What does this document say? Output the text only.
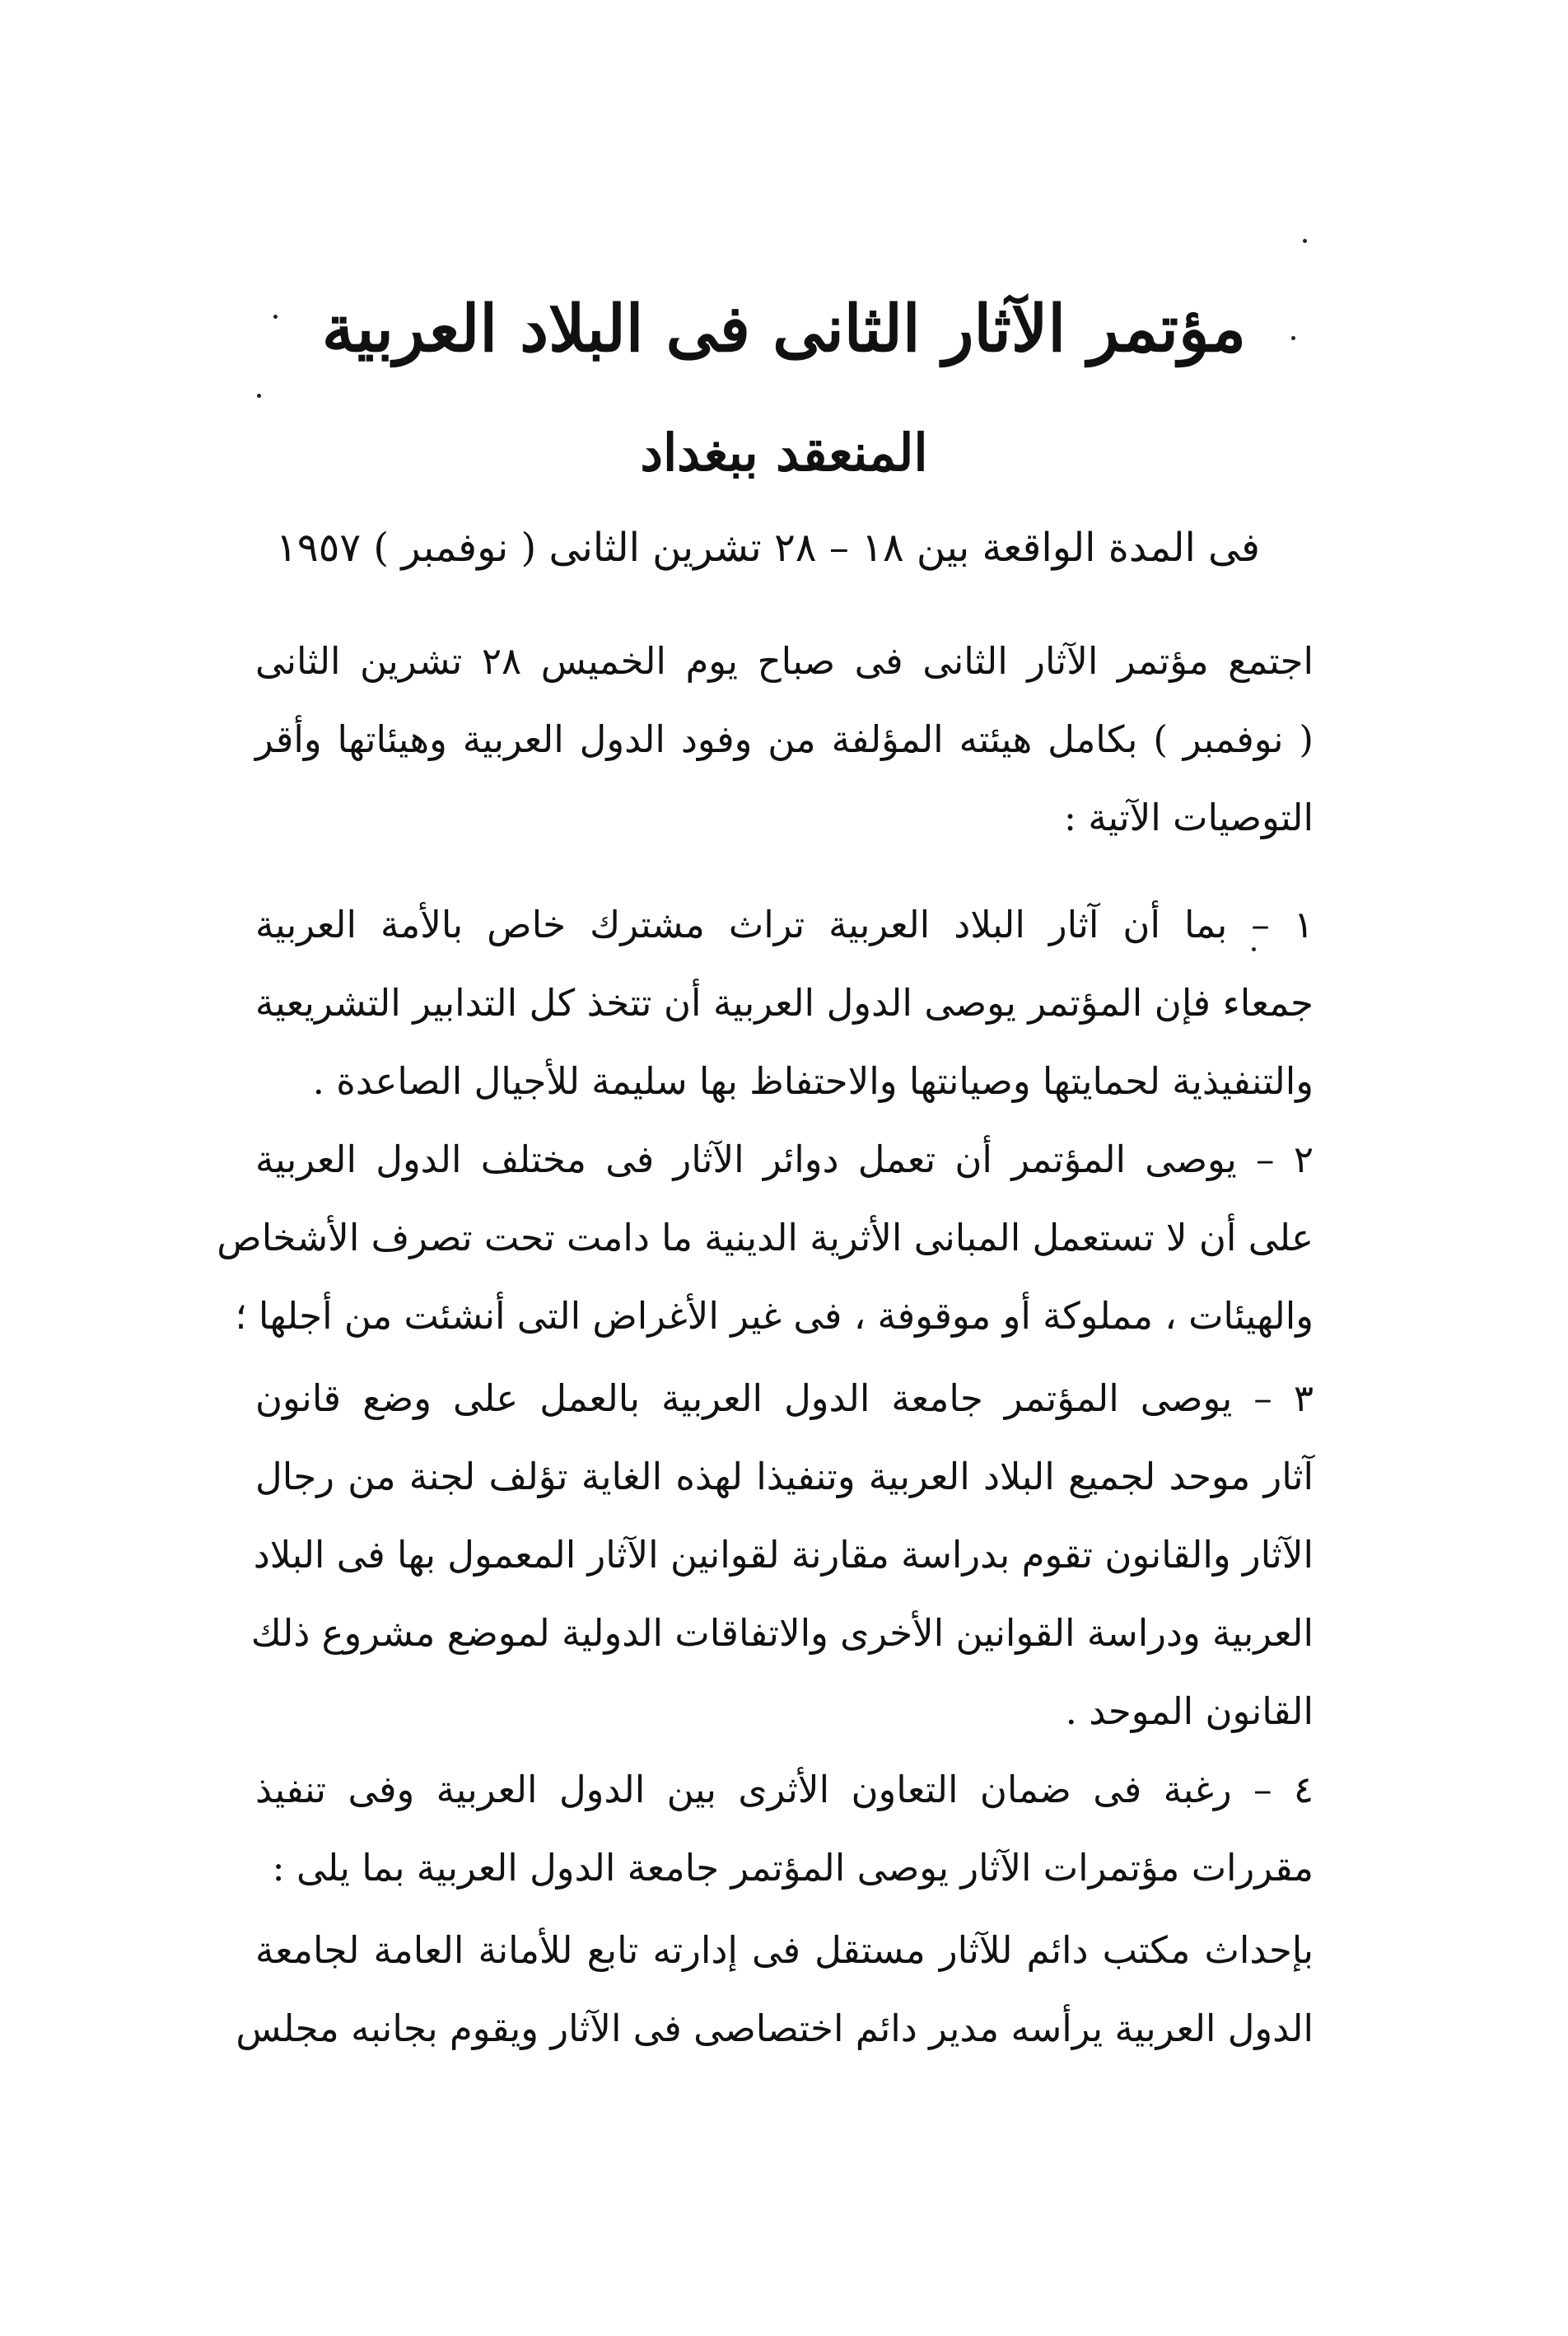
مؤتمر الآثار الثانى فى البلاد العربية
المنعقد ببغداد
فى المدة الواقعة بين ١٨ – ٢٨ تشرين الثانى ( نوفمبر ) ١٩٥٧
اجتمع مؤتمر الآثار الثانى فى صباح يوم الخميس ٢٨ تشرين الثانى
( نوفمبر ) بكامل هيئته المؤلفة من وفود الدول العربية وهيئاتها وأقر
التوصيات الآتية :
١ – بما أن آثار البلاد العربية تراث مشترك خاص بالأمة العربية
جمعاء فإن المؤتمر يوصى الدول العربية أن تتخذ كل التدابير التشريعية
والتنفيذية لحمايتها وصيانتها والاحتفاظ بها سليمة للأجيال الصاعدة .
٢ – يوصى المؤتمر أن تعمل دوائر الآثار فى مختلف الدول العربية
على أن لا تستعمل المبانى الأثرية الدينية ما دامت تحت تصرف الأشخاص
والهيئات ، مملوكة أو موقوفة ، فى غير الأغراض التى أنشئت من أجلها ؛
٣ – يوصى المؤتمر جامعة الدول العربية بالعمل على وضع قانون
آثار موحد لجميع البلاد العربية وتنفيذا لهذه الغاية تؤلف لجنة من رجال
الآثار والقانون تقوم بدراسة مقارنة لقوانين الآثار المعمول بها فى البلاد
العربية ودراسة القوانين الأخرى والاتفاقات الدولية لموضع مشروع ذلك
القانون الموحد .
٤ – رغبة فى ضمان التعاون الأثرى بين الدول العربية وفى تنفيذ
مقررات مؤتمرات الآثار يوصى المؤتمر جامعة الدول العربية بما يلى :
بإحداث مكتب دائم للآثار مستقل فى إدارته تابع للأمانة العامة لجامعة
الدول العربية يرأسه مدير دائم اختصاصى فى الآثار ويقوم بجانبه مجلس
